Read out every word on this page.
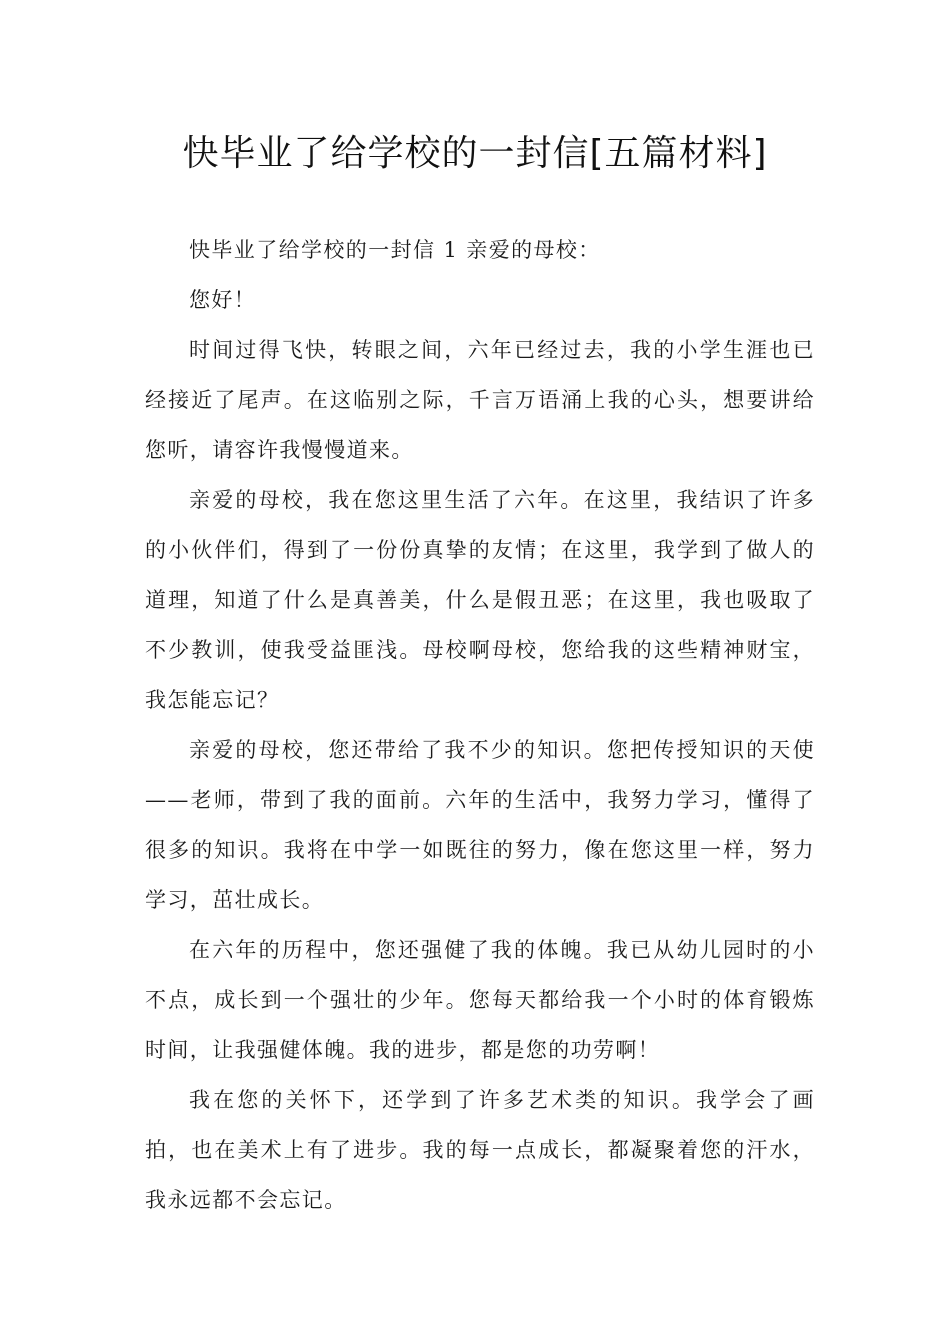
快毕业了给学校的一封信[五篇材料]

快毕业了给学校的一封信 1 亲爱的母校：

您好！

时间过得飞快，转眼之间，六年已经过去，我的小学生涯也已经接近了尾声。在这临别之际，千言万语涌上我的心头，想要讲给您听，请容许我慢慢道来。

亲爱的母校，我在您这里生活了六年。在这里，我结识了许多的小伙伴们，得到了一份份真挚的友情；在这里，我学到了做人的道理，知道了什么是真善美，什么是假丑恶；在这里，我也吸取了不少教训，使我受益匪浅。母校啊母校，您给我的这些精神财宝，我怎能忘记？

亲爱的母校，您还带给了我不少的知识。您把传授知识的天使——老师，带到了我的面前。六年的生活中，我努力学习，懂得了很多的知识。我将在中学一如既往的努力，像在您这里一样，努力学习，茁壮成长。

在六年的历程中，您还强健了我的体魄。我已从幼儿园时的小不点，成长到一个强壮的少年。您每天都给我一个小时的体育锻炼时间，让我强健体魄。我的进步，都是您的功劳啊！

我在您的关怀下，还学到了许多艺术类的知识。我学会了画拍，也在美术上有了进步。我的每一点成长，都凝聚着您的汗水，我永远都不会忘记。
